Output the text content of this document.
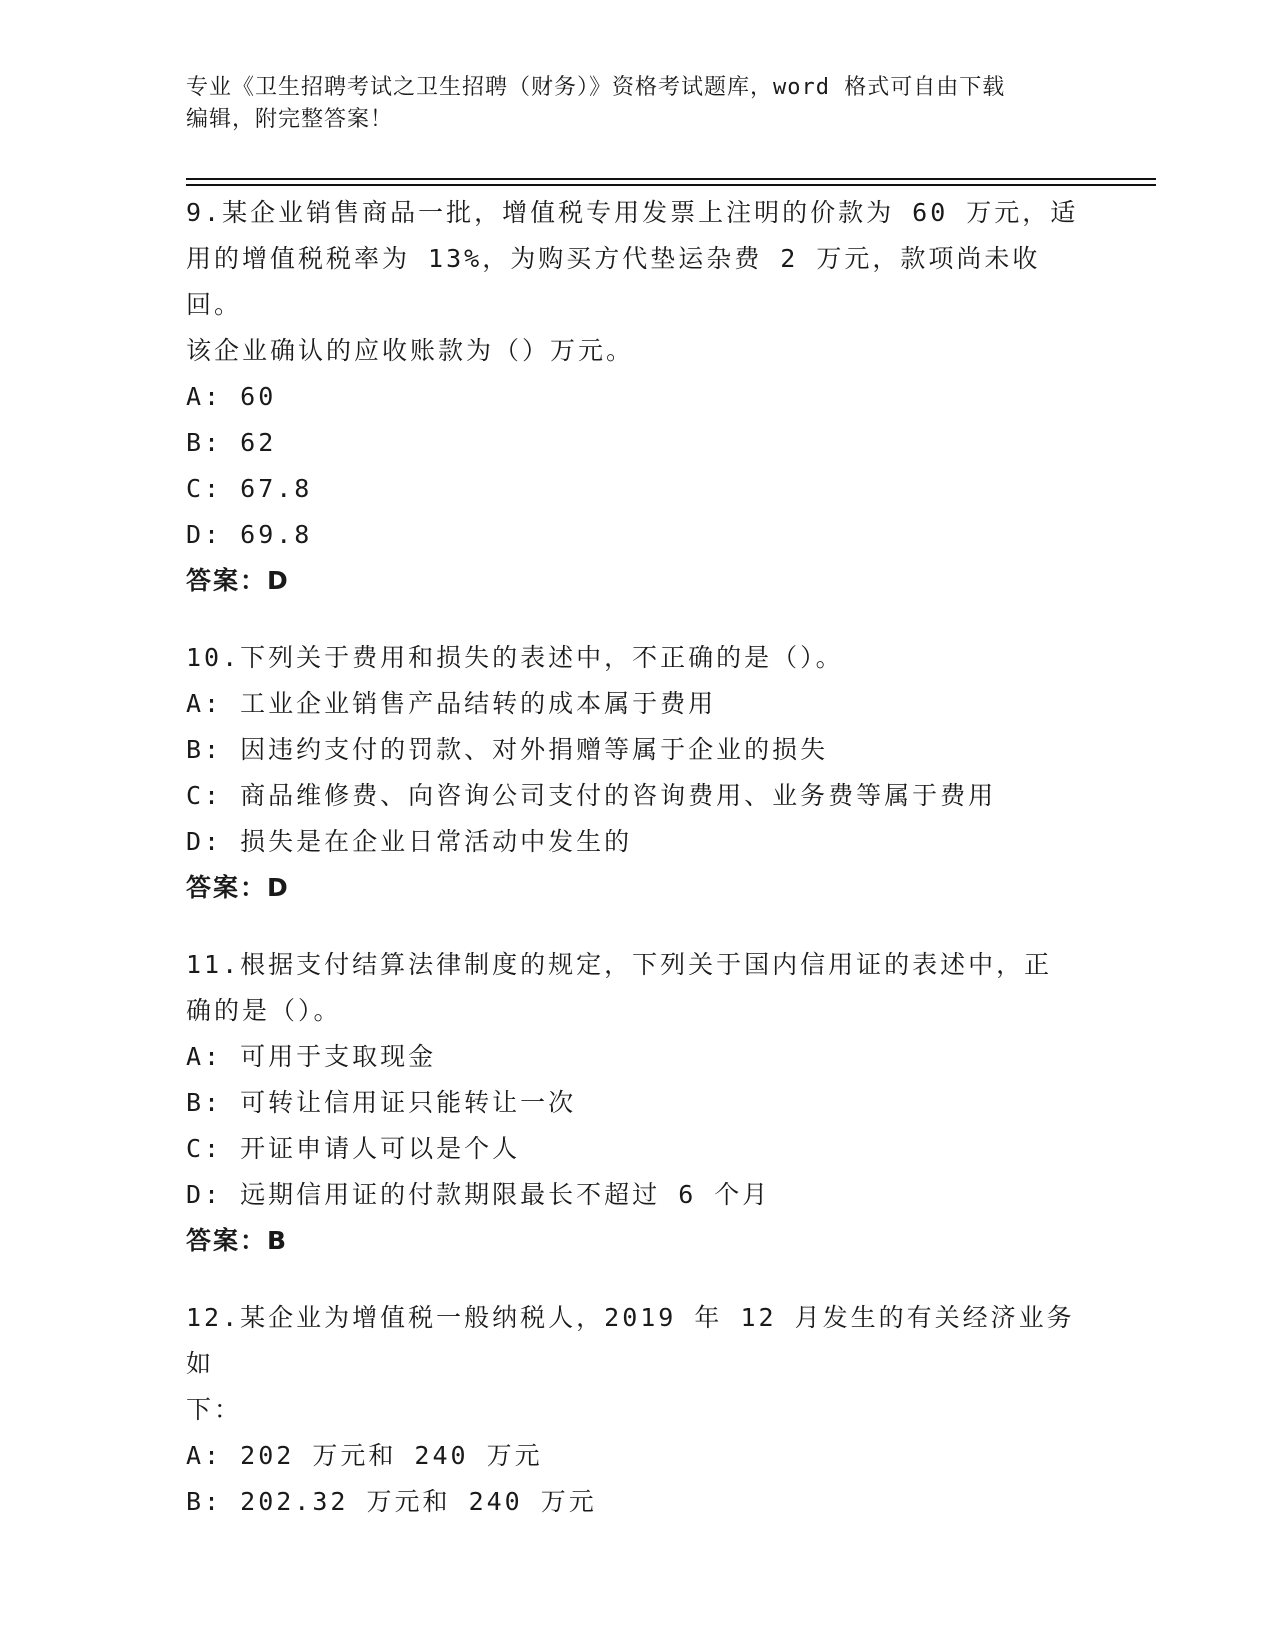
专业《卫生招聘考试之卫生招聘（财务）》资格考试题库，word 格式可自由下载
编辑，附完整答案！
9.某企业销售商品一批，增值税专用发票上注明的价款为 60 万元，适
用的增值税税率为 13%，为购买方代垫运杂费 2 万元，款项尚未收回。
该企业确认的应收账款为（）万元。
A: 60
B: 62
C: 67.8
D: 69.8
答案：D
10.下列关于费用和损失的表述中，不正确的是（）。
A: 工业企业销售产品结转的成本属于费用
B: 因违约支付的罚款、对外捐赠等属于企业的损失
C: 商品维修费、向咨询公司支付的咨询费用、业务费等属于费用
D: 损失是在企业日常活动中发生的
答案：D
11.根据支付结算法律制度的规定，下列关于国内信用证的表述中，正
确的是（）。
A: 可用于支取现金
B: 可转让信用证只能转让一次
C: 开证申请人可以是个人
D: 远期信用证的付款期限最长不超过 6 个月
答案：B
12.某企业为增值税一般纳税人，2019 年 12 月发生的有关经济业务如
下：
A: 202 万元和 240 万元
B: 202.32 万元和 240 万元
